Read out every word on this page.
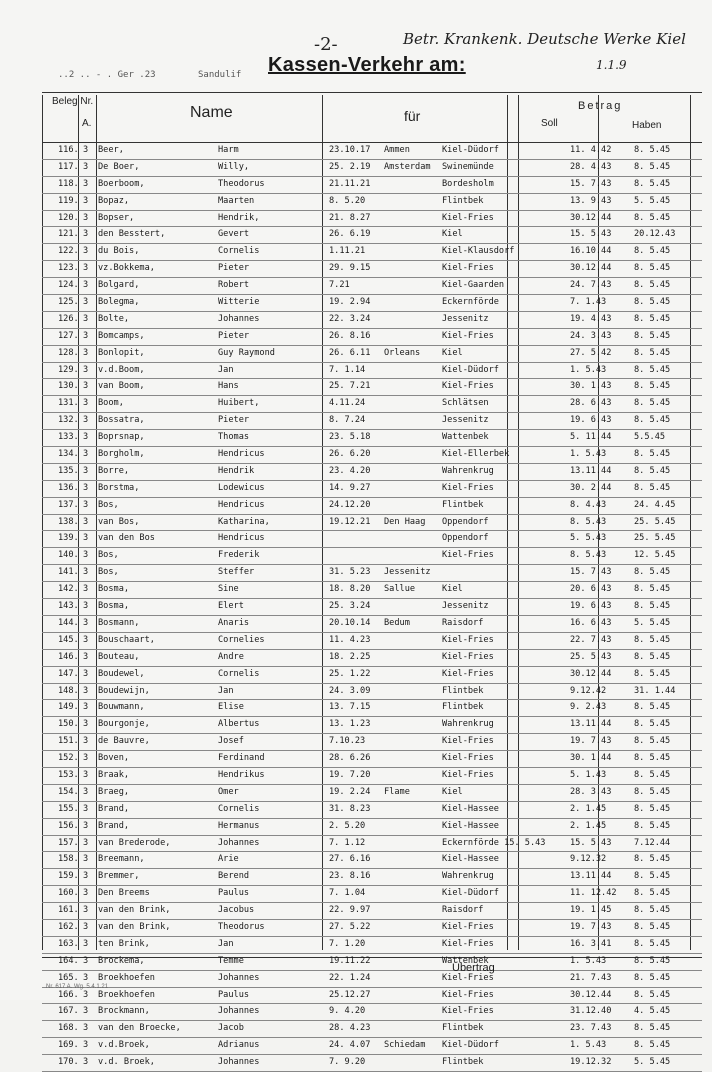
-2-	Betr. Krankenk. Deutsche Werke Kiel
1.1.9
..2 .. - . Ger .23	Sandulif Kassen-Verkehr am:
Beleg Nr.
A.
Name	für
Betrag
Soll	Haben
116. 3 Beer,	Harm	23.10.17 Ammen	Kiel-Düdorf	11. 4.42	8. 5.45
117. 3 De Boer,	Willy,	25. 2.19 Amsterdam Swinemünde	28. 4.43	8. 5.45
118. 3 Boerboom,	Theodorus	21.11.21	Bordesholm	15. 7.43	8. 5.45
119. 3 Bopaz,	Maarten	8. 5.20	Flintbek	13. 9.43	5. 5.45
120. 3 Bopser,	Hendrik,	21. 8.27	Kiel-Fries	30.12.44	8. 5.45
121. 3 den Besstert,	Gevert	26. 6.19	Kiel	15. 5.43	20.12.43
122. 3 du Bois,	Cornelis	1.11.21	Kiel-Klausdorf	16.10.44	8. 5.45
123. 3 vz.Bokkema,	Pieter	29. 9.15	Kiel-Fries	30.12.44	8. 5.45
124. 3 Bolgard,	Robert	7.21	Kiel-Gaarden	24. 7.43	8. 5.45
125. 3 Bolegma,	Witterie	19. 2.94	Eckernförde	7. 1.43	8. 5.45
126. 3 Bolte,	Johannes	22. 3.24	Jessenitz	19. 4.43	8. 5.45
127. 3 Bomcamps,	Pieter	26. 8.16	Kiel-Fries	24. 3.43	8. 5.45
128. 3 Bonlopit,	Guy Raymond	26. 6.11 Orleans	Kiel	27. 5.42	8. 5.45
129. 3 v.d.Boom,	Jan	7. 1.14	Kiel-Düdorf	1. 5.43	8. 5.45
130. 3 van Boom,	Hans	25. 7.21	Kiel-Fries	30. 1.43	8. 5.45
131. 3 Boom,	Huibert,	4.11.24	Schlätsen	28. 6.43	8. 5.45
132. 3 Bossatra,	Pieter	8. 7.24	Jessenitz	19. 6.43	8. 5.45
133. 3 Boprsnap,	Thomas	23. 5.18	Wattenbek	5. 11.44	5.5.45
134. 3 Borgholm,	Hendricus	26. 6.20	Kiel-Ellerbek	1. 5.43	8. 5.45
135. 3 Borre,	Hendrik	23. 4.20	Wahrenkrug	13.11.44	8. 5.45
136. 3 Borstma,	Lodewicus	14. 9.27	Kiel-Fries	30. 2.44	8. 5.45
137. 3 Bos,	Hendricus	24.12.20	Flintbek	8. 4.43	24. 4.45
138. 3 van Bos,	Katharina,	19.12.21 Den Haag Oppendorf	8. 5.43	25. 5.45
139. 3 van den Bos	Hendricus	Oppendorf	5. 5.43	25. 5.45
140. 3 Bos,	Frederik	Kiel-Fries	8. 5.43	12. 5.45
141. 3 Bos,	Steffer	31. 5.23 Jessenitz	15. 7.43	8. 5.45
142. 3 Bosma,	Sine	18. 8.20 Sallue	Kiel	20. 6.43	8. 5.45
143. 3 Bosma,	Elert	25. 3.24	Jessenitz	19. 6.43	8. 5.45
144. 3 Bosmann,	Anaris	20.10.14 Bedum	Raisdorf	16. 6.43	5. 5.45
145. 3 Bouschaart,	Cornelies	11. 4.23	Kiel-Fries	22. 7.43	8. 5.45
146. 3 Bouteau,	Andre	18. 2.25	Kiel-Fries	25. 5.43	8. 5.45
147. 3 Boudewel,	Cornelis	25. 1.22	Kiel-Fries	30.12.44	8. 5.45
148. 3 Boudewijn,	Jan	24. 3.09	Flintbek	9.12.42	31. 1.44
149. 3 Bouwmann,	Elise	13. 7.15	Flintbek	9. 2.43	8. 5.45
150. 3 Bourgonje,	Albertus	13. 1.23	Wahrenkrug	13.11.44	8. 5.45
151. 3 de Bauvre,	Josef	7.10.23	Kiel-Fries	19. 7.43	8. 5.45
152. 3 Boven,	Ferdinand	28. 6.26	Kiel-Fries	30. 1.44	8. 5.45
153. 3 Braak,	Hendrikus	19. 7.20	Kiel-Fries	5. 1.43	8. 5.45
154. 3 Braeg,	Omer	19. 2.24 Flame	Kiel	28. 3.43	8. 5.45
155. 3 Brand,	Cornelis	31. 8.23	Kiel-Hassee	2. 1.45	8. 5.45
156. 3 Brand,	Hermanus	2. 5.20	Kiel-Hassee	2. 1.45	8. 5.45
157. 3 van Brederode,	Johannes	7. 1.12	Eckernförde 15. 5.43	15. 5.43	7.12.44
158. 3 Breemann,	Arie	27. 6.16	Kiel-Hassee	9.12.32	8. 5.45
159. 3 Bremmer,	Berend	23. 8.16	Wahrenkrug	13.11.44	8. 5.45
160. 3 Den Breems	Paulus	7. 1.04	Kiel-Düdorf	11. 12.42 8. 5.45
161. 3 van den Brink,	Jacobus	22. 9.97	Raisdorf	19. 1.45	8. 5.45
162. 3 van den Brink,	Theodorus	27. 5.22	Kiel-Fries	19. 7.43	8. 5.45
163. 3 ten Brink,	Jan	7. 1.20	Kiel-Fries	16. 3.41	8. 5.45
164. 3 Brockema,	Temme	19.11.22	Wattenbek	1. 5.43	8. 5.45
165. 3 Broekhoefen	Johannes	22. 1.24	Kiel-Fries	21. 7.43	8. 5.45
166. 3 Broekhoefen	Paulus	25.12.27	Kiel-Fries	30.12.44	8. 5.45
167. 3 Brockmann,	Johannes	9. 4.20	Kiel-Fries	31.12.40	4. 5.45
168. 3 van den Broecke,	Jacob	28. 4.23	Flintbek	23. 7.43	8. 5.45
169. 3 v.d.Broek,	Adrianus	24. 4.07 Schiedam Kiel-Düdorf	1. 5.43	8. 5.45
170. 3 v.d. Broek,	Johannes	7. 9.20	Flintbek	19.12.32	5. 5.45
Übertrag
Nr. 617 A. Wg. 5.4.1.21
